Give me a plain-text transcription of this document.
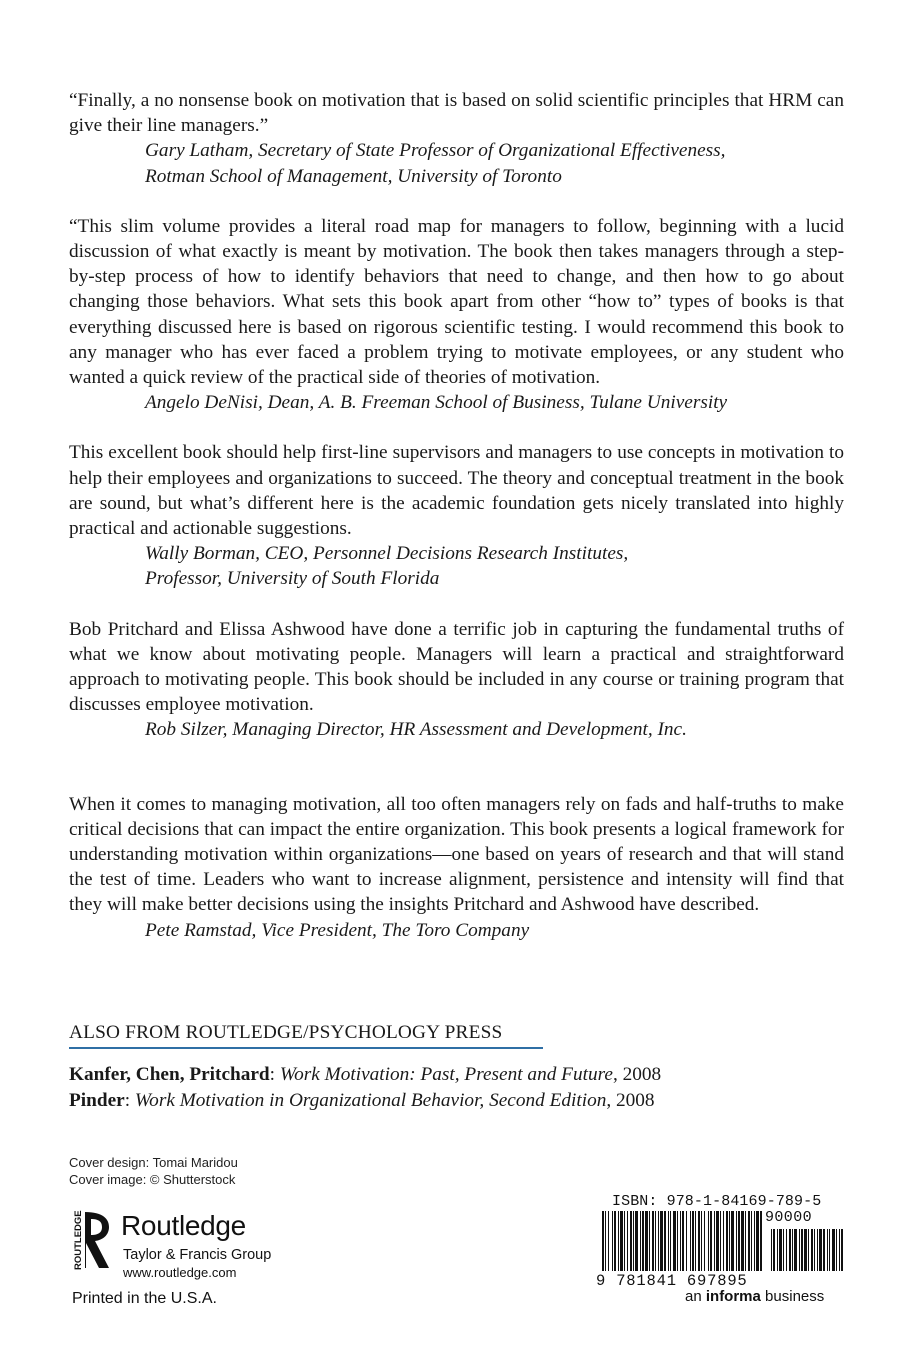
“Finally, a no nonsense book on motivation that is based on solid scientific principles that HRM can give their line managers.”

Gary Latham, Secretary of State Professor of Organizational Effectiveness,

Rotman School of Management, University of Toronto

“This slim volume provides a literal road map for managers to follow, beginning with a lucid discussion of what exactly is meant by motivation. The book then takes managers through a step-by-step process of how to identify behaviors that need to change, and then how to go about changing those behaviors. What sets this book apart from other “how to” types of books is that everything discussed here is based on rigorous scientific testing. I would recommend this book to any manager who has ever faced a problem trying to motivate employees, or any student who wanted a quick review of the practical side of theories of motivation.

Angelo DeNisi, Dean, A. B. Freeman School of Business, Tulane University

This excellent book should help first-line supervisors and managers to use concepts in motivation to help their employees and organizations to succeed. The theory and conceptual treatment in the book are sound, but what’s different here is the academic foundation gets nicely translated into highly practical and actionable suggestions.

Wally Borman, CEO, Personnel Decisions Research Institutes,

Professor, University of South Florida

Bob Pritchard and Elissa Ashwood have done a terrific job in capturing the fundamental truths of what we know about motivating people. Managers will learn a practical and straightforward approach to motivating people. This book should be included in any course or training program that discusses employee motivation.

Rob Silzer, Managing Director, HR Assessment and Development, Inc.

When it comes to managing motivation, all too often managers rely on fads and half-truths to make critical decisions that can impact the entire organization. This book presents a logical framework for understanding motivation within organizations—one based on years of research and that will stand the test of time. Leaders who want to increase alignment, persistence and intensity will find that they will make better decisions using the insights Pritchard and Ashwood have described.

Pete Ramstad, Vice President, The Toro Company

ALSO FROM ROUTLEDGE/PSYCHOLOGY PRESS

Kanfer, Chen, Pritchard: Work Motivation: Past, Present and Future, 2008

Pinder: Work Motivation in Organizational Behavior, Second Edition, 2008

Cover design: Tomai Maridou

Cover image: © Shutterstock

ROUTLEDGE Routledge
Taylor & Francis Group
www.routledge.com
Printed in the U.S.A.
ISBN: 978-1-84169-789-5
90000
9 781841 697895
an informa business
